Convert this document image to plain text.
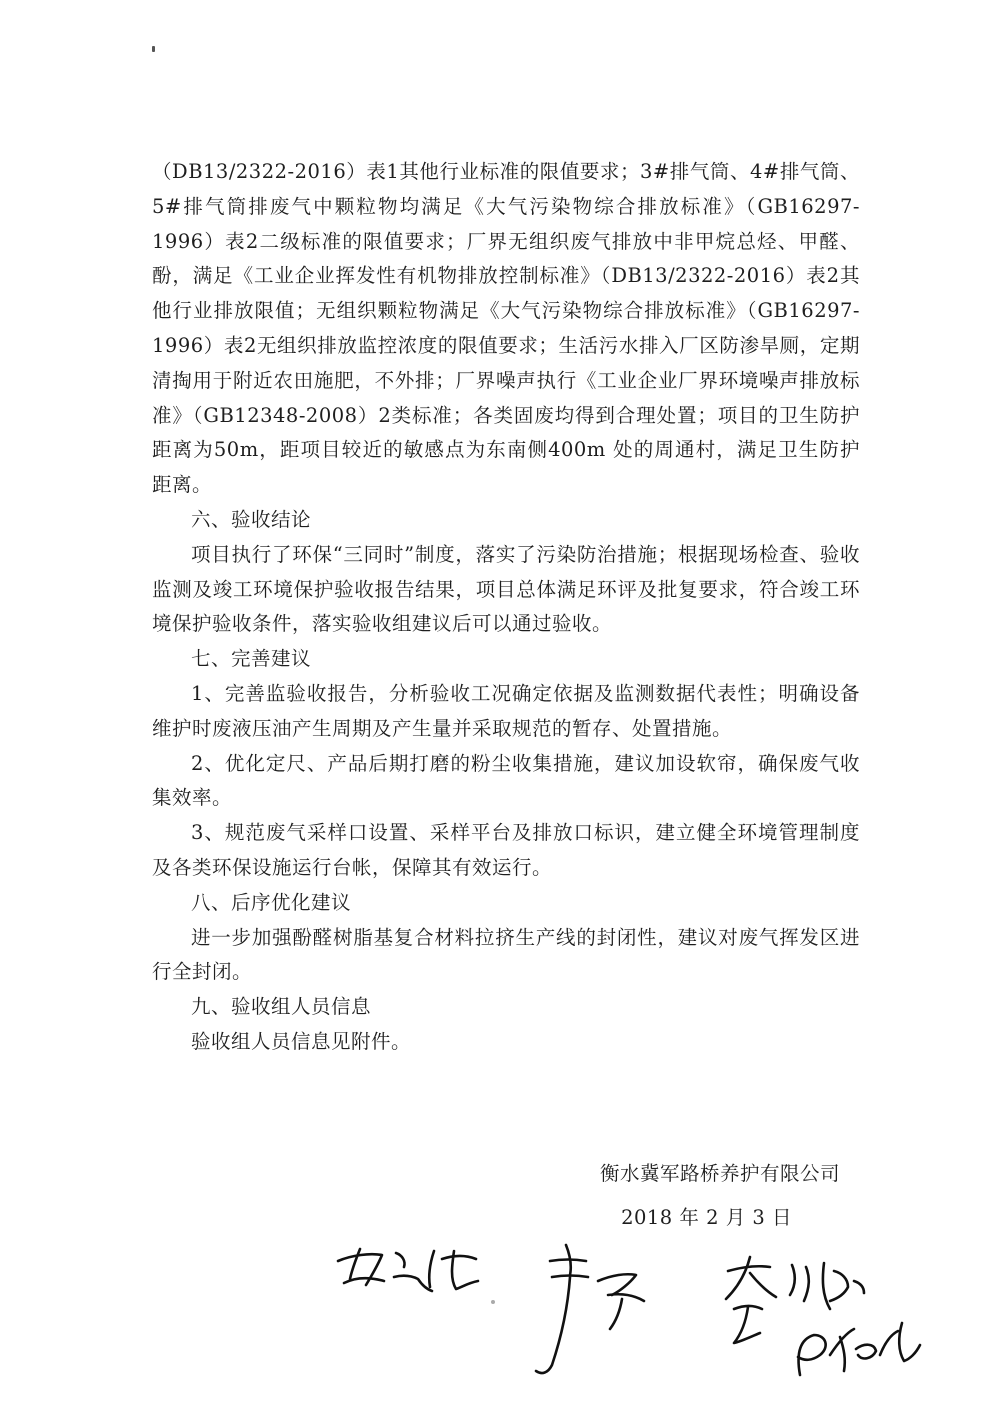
（DB13/2322-2016）表1其他行业标准的限值要求；3#排气筒、4#排气筒、5#排气筒排废气中颗粒物均满足《大气污染物综合排放标准》（GB16297-1996）表2二级标准的限值要求；厂界无组织废气排放中非甲烷总烃、甲醛、酚，满足《工业企业挥发性有机物排放控制标准》（DB13/2322-2016）表2其他行业排放限值；无组织颗粒物满足《大气污染物综合排放标准》（GB16297-1996）表2无组织排放监控浓度的限值要求；生活污水排入厂区防渗旱厕，定期清掏用于附近农田施肥，不外排；厂界噪声执行《工业企业厂界环境噪声排放标准》（GB12348-2008）2类标准；各类固废均得到合理处置；项目的卫生防护距离为50m，距项目较近的敏感点为东南侧400m 处的周通村，满足卫生防护距离。

六、验收结论

项目执行了环保“三同时”制度，落实了污染防治措施；根据现场检查、验收监测及竣工环境保护验收报告结果，项目总体满足环评及批复要求，符合竣工环境保护验收条件，落实验收组建议后可以通过验收。

七、完善建议

1、完善监验收报告，分析验收工况确定依据及监测数据代表性；明确设备维护时废液压油产生周期及产生量并采取规范的暂存、处置措施。

2、优化定尺、产品后期打磨的粉尘收集措施，建议加设软帘，确保废气收集效率。

3、规范废气采样口设置、采样平台及排放口标识，建立健全环境管理制度及各类环保设施运行台帐，保障其有效运行。

八、后序优化建议

进一步加强酚醛树脂基复合材料拉挤生产线的封闭性，建议对废气挥发区进行全封闭。

九、验收组人员信息

验收组人员信息见附件。

衡水冀军路桥养护有限公司
2018 年 2 月 3 日
